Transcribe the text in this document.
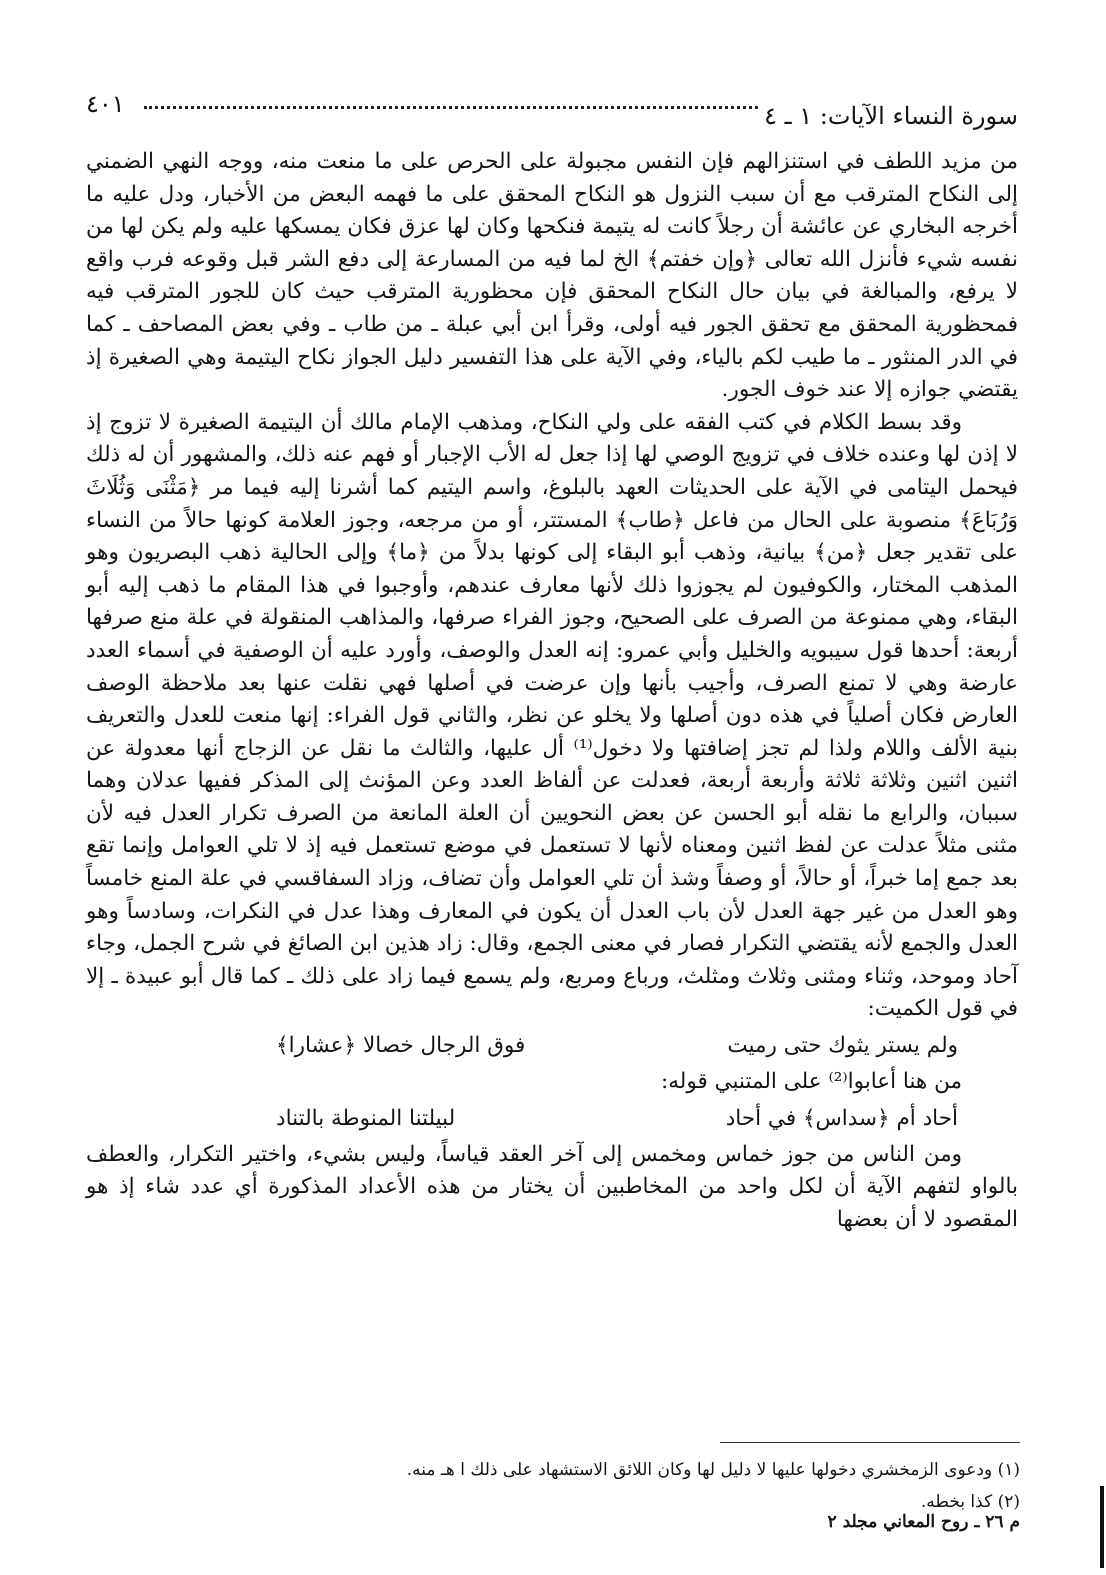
سورة النساء الآيات: ١ ـ ٤
٤٠١

من مزيد اللطف في استنزالهم فإن النفس مجبولة على الحرص على ما منعت منه، ووجه النهي الضمني إلى النكاح المترقب مع أن سبب النزول هو النكاح المحقق على ما فهمه البعض من الأخبار، ودل عليه ما أخرجه البخاري عن عائشة أن رجلاً كانت له يتيمة فنكحها وكان لها عزق فكان يمسكها عليه ولم يكن لها من نفسه شيء فأنزل الله تعالى ﴿وإن خفتم﴾ الخ لما فيه من المسارعة إلى دفع الشر قبل وقوعه فرب واقع لا يرفع، والمبالغة في بيان حال النكاح المحقق فإن محظورية المترقب حيث كان للجور المترقب فيه فمحظورية المحقق مع تحقق الجور فيه أولى، وقرأ ابن أبي عبلة ـ من طاب ـ وفي بعض المصاحف ـ كما في الدر المنثور ـ ما طيب لكم بالياء، وفي الآية على هذا التفسير دليل الجواز نكاح اليتيمة وهي الصغيرة إذ يقتضي جوازه إلا عند خوف الجور.

وقد بسط الكلام في كتب الفقه على ولي النكاح، ومذهب الإمام مالك أن اليتيمة الصغيرة لا تزوج إذ لا إذن لها وعنده خلاف في تزويج الوصي لها إذا جعل له الأب الإجبار أو فهم عنه ذلك، والمشهور أن له ذلك فيحمل اليتامى في الآية على الحديثات العهد بالبلوغ، واسم اليتيم كما أشرنا إليه فيما مر ﴿مَثْنَى وَثُلَاثَ وَرُبَاعَ﴾ منصوبة على الحال من فاعل ﴿طاب﴾ المستتر، أو من مرجعه، وجوز العلامة كونها حالاً من النساء على تقدير جعل ﴿من﴾ بيانية، وذهب أبو البقاء إلى كونها بدلاً من ﴿ما﴾ وإلى الحالية ذهب البصريون وهو المذهب المختار، والكوفيون لم يجوزوا ذلك لأنها معارف عندهم، وأوجبوا في هذا المقام ما ذهب إليه أبو البقاء، وهي ممنوعة من الصرف على الصحيح، وجوز الفراء صرفها، والمذاهب المنقولة في علة منع صرفها أربعة: أحدها قول سيبويه والخليل وأبي عمرو: إنه العدل والوصف، وأورد عليه أن الوصفية في أسماء العدد عارضة وهي لا تمنع الصرف، وأجيب بأنها وإن عرضت في أصلها فهي نقلت عنها بعد ملاحظة الوصف العارض فكان أصلياً في هذه دون أصلها ولا يخلو عن نظر، والثاني قول الفراء: إنها منعت للعدل والتعريف بنية الألف واللام ولذا لم تجز إضافتها ولا دخول⁽¹⁾ أل عليها، والثالث ما نقل عن الزجاج أنها معدولة عن اثنين اثنين وثلاثة ثلاثة وأربعة أربعة، فعدلت عن ألفاظ العدد وعن المؤنث إلى المذكر ففيها عدلان وهما سببان، والرابع ما نقله أبو الحسن عن بعض النحويين أن العلة المانعة من الصرف تكرار العدل فيه لأن مثنى مثلاً عدلت عن لفظ اثنين ومعناه لأنها لا تستعمل في موضع تستعمل فيه إذ لا تلي العوامل وإنما تقع بعد جمع إما خبراً، أو حالاً، أو وصفاً وشذ أن تلي العوامل وأن تضاف، وزاد السفاقسي في علة المنع خامساً وهو العدل من غير جهة العدل لأن باب العدل أن يكون في المعارف وهذا عدل في النكرات، وسادساً وهو العدل والجمع لأنه يقتضي التكرار فصار في معنى الجمع، وقال: زاد هذين ابن الصائغ في شرح الجمل، وجاء آحاد وموحد، وثناء ومثنى وثلاث ومثلث، ورباع ومربع، ولم يسمع فيما زاد على ذلك ـ كما قال أبو عبيدة ـ إلا في قول الكميت:

ولم يستر يثوك حتى رميت
فوق الرجال خصالا ﴿عشارا﴾

من هنا أعابوا⁽²⁾ على المتنبي قوله:

أحاد أم ﴿سداس﴾ في أحاد
لبيلتنا المنوطة بالتناد

ومن الناس من جوز خماس ومخمس إلى آخر العقد قياساً، وليس بشيء، واختير التكرار، والعطف بالواو لتفهم الآية أن لكل واحد من المخاطبين أن يختار من هذه الأعداد المذكورة أي عدد شاء إذ هو المقصود لا أن بعضها

(١) ودعوى الزمخشري دخولها عليها لا دليل لها وكان اللائق الاستشهاد على ذلك ا هـ منه.
(٢) كذا بخطه.
م ٢٦ ـ روح المعاني مجلد ٢
